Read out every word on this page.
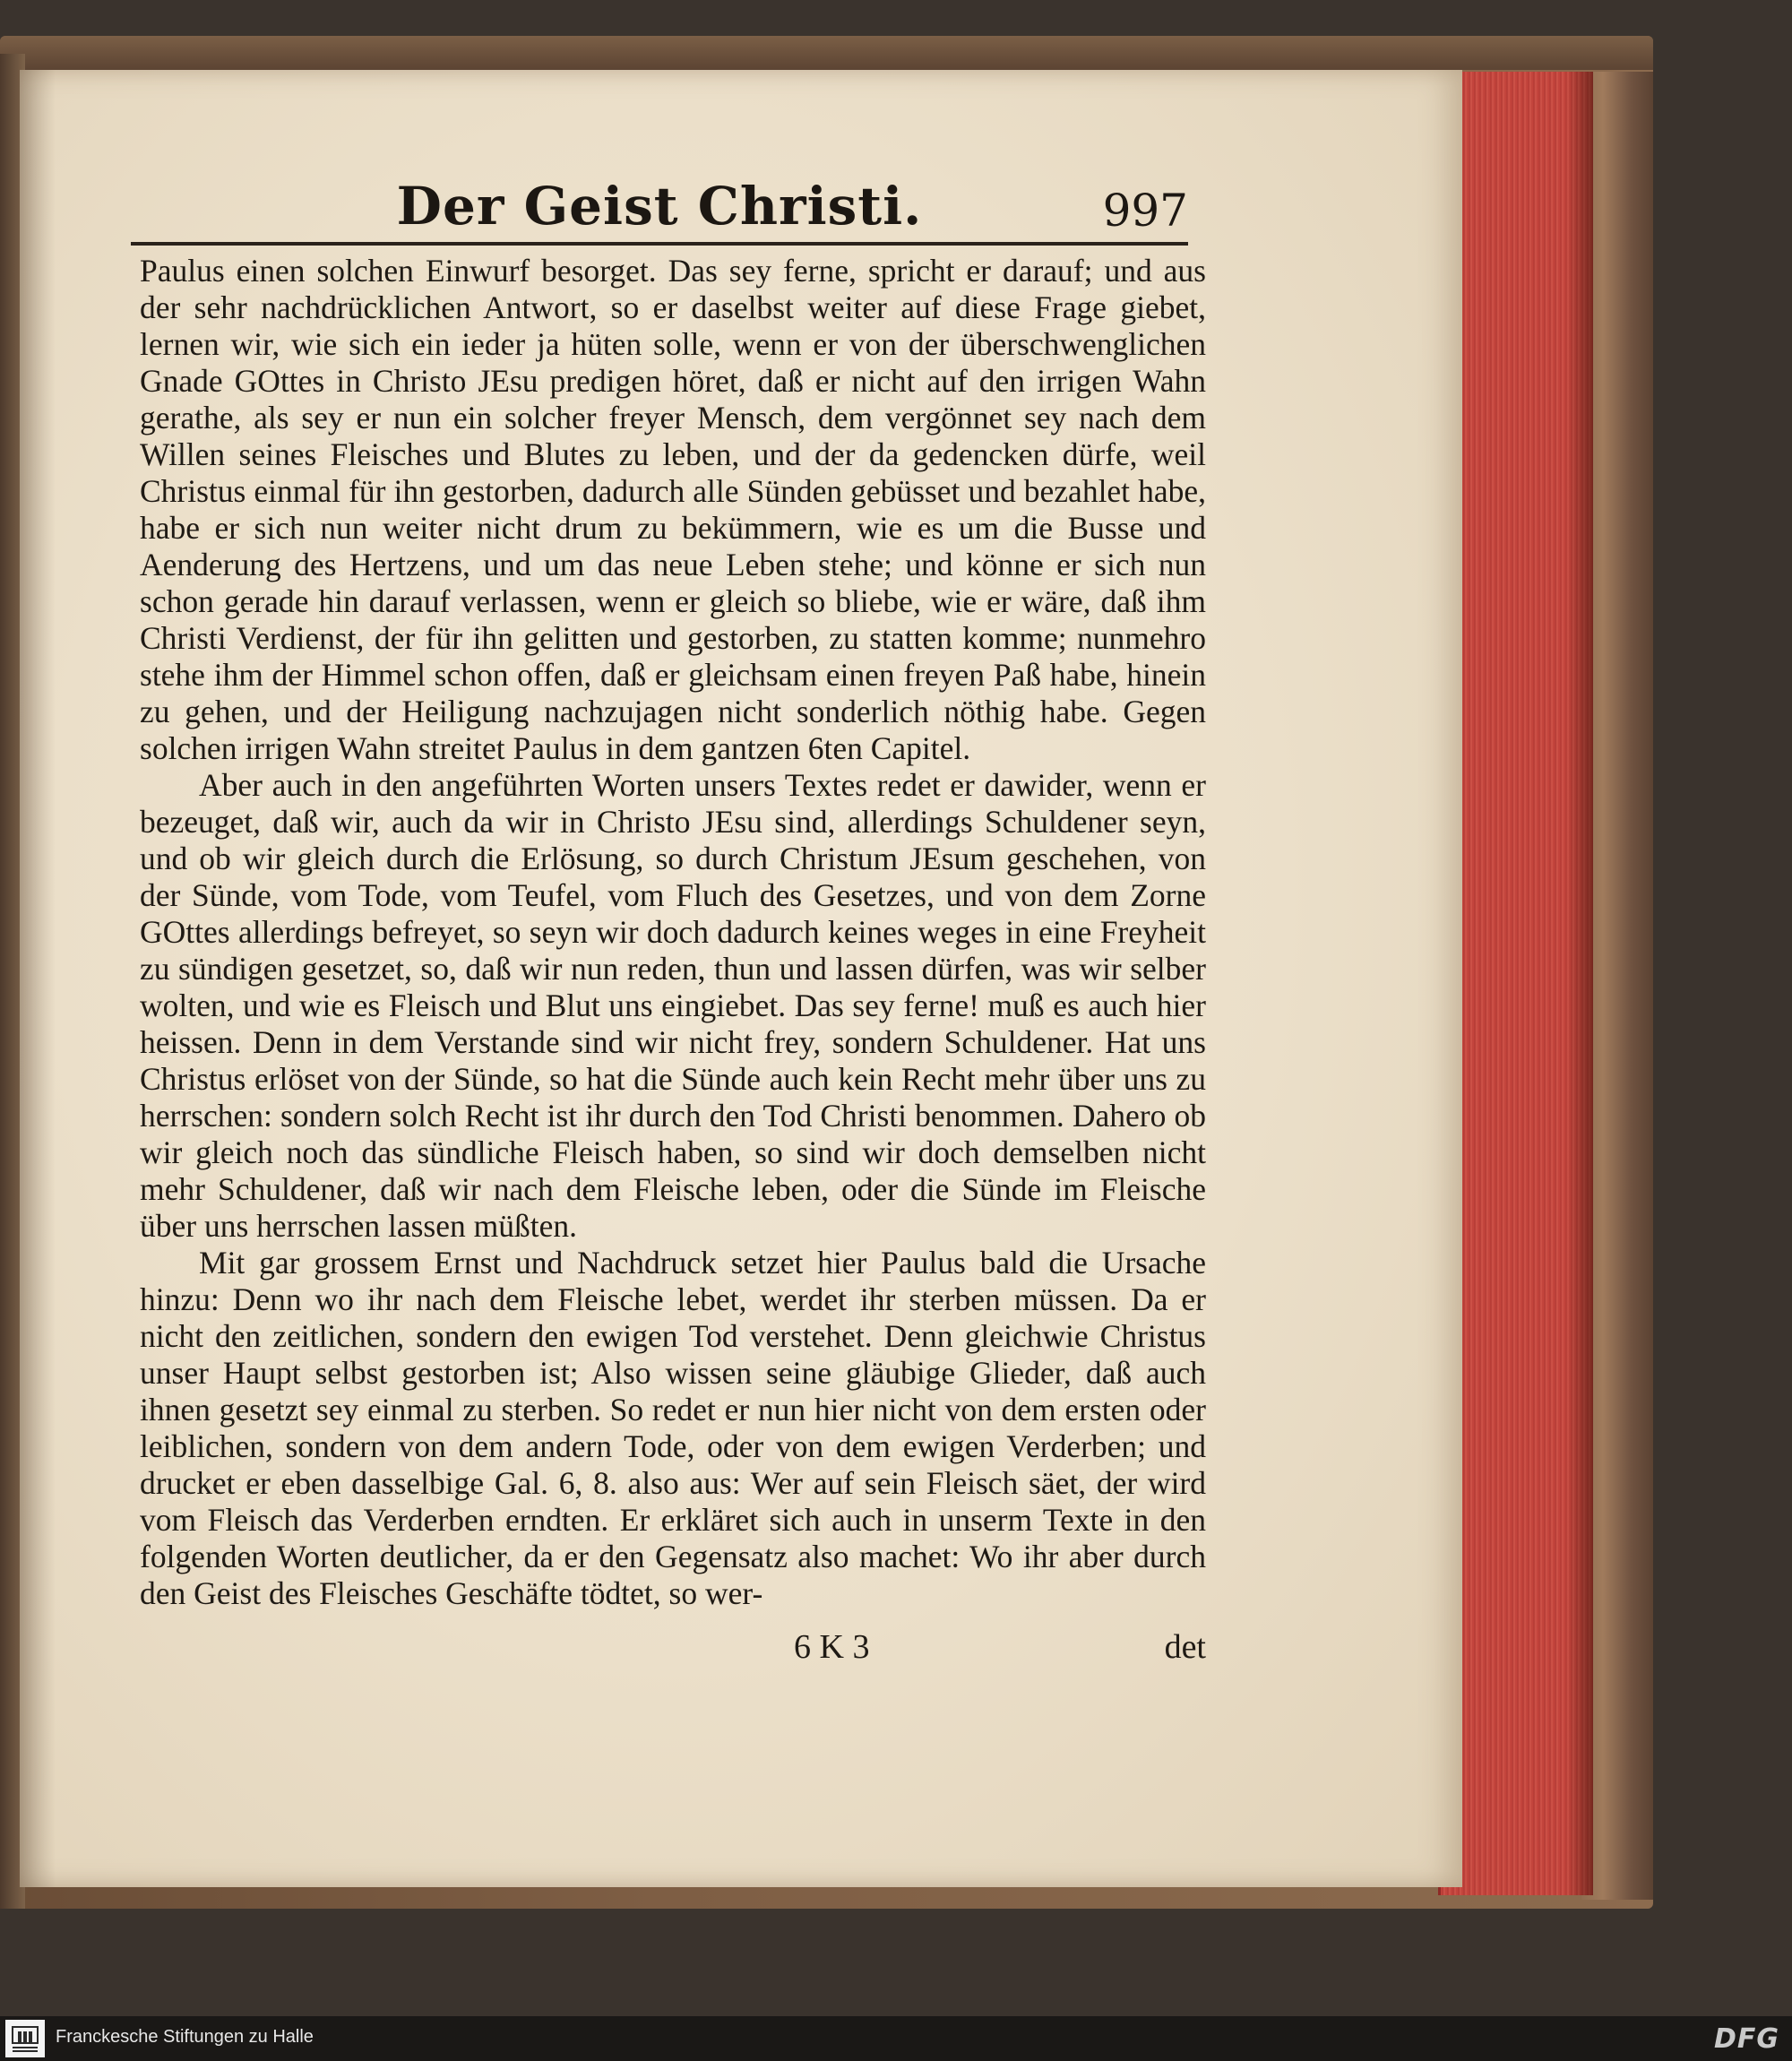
Der Geist Christi.	997

Paulus einen solchen Einwurf besorget. Das sey ferne, spricht er darauf; und aus der sehr nachdrücklichen Antwort, so er daselbst weiter auf diese Frage giebet, lernen wir, wie sich ein ieder ja hüten solle, wenn er von der überschwenglichen Gnade GOttes in Christo JEsu predigen höret, daß er nicht auf den irrigen Wahn gerathe, als sey er nun ein solcher freyer Mensch, dem vergönnet sey nach dem Willen seines Fleisches und Blutes zu leben, und der da gedencken dürfe, weil Christus einmal für ihn gestorben, dadurch alle Sünden gebüsset und bezahlet habe, habe er sich nun weiter nicht drum zu bekümmern, wie es um die Busse und Aenderung des Hertzens, und um das neue Leben stehe; und könne er sich nun schon gerade hin darauf verlassen, wenn er gleich so bliebe, wie er wäre, daß ihm Christi Verdienst, der für ihn gelitten und gestorben, zu statten komme; nunmehro stehe ihm der Himmel schon offen, daß er gleichsam einen freyen Paß habe, hinein zu gehen, und der Heiligung nachzujagen nicht sonderlich nöthig habe. Gegen solchen irrigen Wahn streitet Paulus in dem gantzen 6ten Capitel.

Aber auch in den angeführten Worten unsers Textes redet er dawider, wenn er bezeuget, daß wir, auch da wir in Christo JEsu sind, allerdings Schuldener seyn, und ob wir gleich durch die Erlösung, so durch Christum JEsum geschehen, von der Sünde, vom Tode, vom Teufel, vom Fluch des Gesetzes, und von dem Zorne GOttes allerdings befreyet, so seyn wir doch dadurch keines weges in eine Freyheit zu sündigen gesetzet, so, daß wir nun reden, thun und lassen dürfen, was wir selber wolten, und wie es Fleisch und Blut uns eingiebet. Das sey ferne! muß es auch hier heissen. Denn in dem Verstande sind wir nicht frey, sondern Schuldener. Hat uns Christus erlöset von der Sünde, so hat die Sünde auch kein Recht mehr über uns zu herrschen: sondern solch Recht ist ihr durch den Tod Christi benommen. Dahero ob wir gleich noch das sündliche Fleisch haben, so sind wir doch demselben nicht mehr Schuldener, daß wir nach dem Fleische leben, oder die Sünde im Fleische über uns herrschen lassen müßten.

Mit gar grossem Ernst und Nachdruck setzet hier Paulus bald die Ursache hinzu: Denn wo ihr nach dem Fleische lebet, werdet ihr sterben müssen. Da er nicht den zeitlichen, sondern den ewigen Tod verstehet. Denn gleichwie Christus unser Haupt selbst gestorben ist; Also wissen seine gläubige Glieder, daß auch ihnen gesetzt sey einmal zu sterben. So redet er nun hier nicht von dem ersten oder leiblichen, sondern von dem andern Tode, oder von dem ewigen Verderben; und drucket er eben dasselbige Gal. 6, 8. also aus: Wer auf sein Fleisch säet, der wird vom Fleisch das Verderben erndten. Er erkläret sich auch in unserm Texte in den folgenden Worten deutlicher, da er den Gegensatz also machet: Wo ihr aber durch den Geist des Fleisches Geschäfte tödtet, so wer-

6 K 3	det
Franckesche Stiftungen zu Halle	DFG
